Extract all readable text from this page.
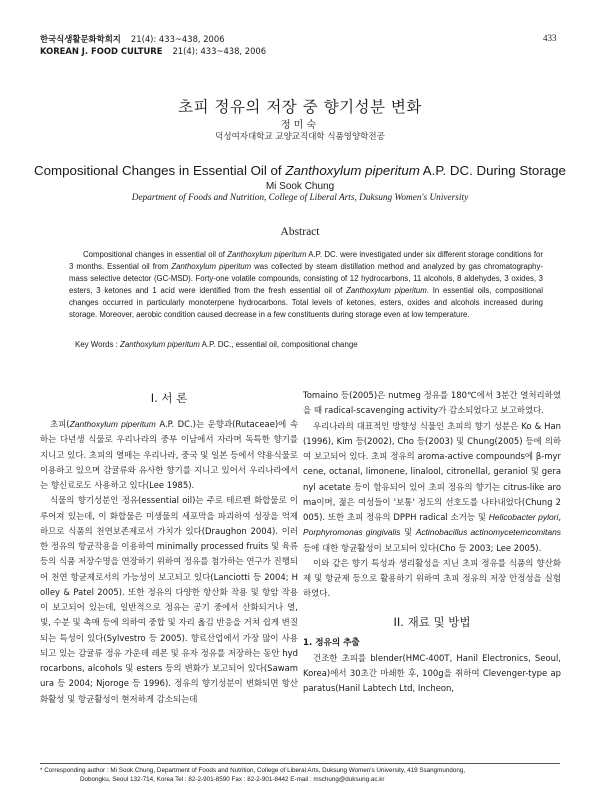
한국식생활문화학회지 21(4): 433~438, 2006
KOREAN J. FOOD CULTURE 21(4): 433~438, 2006
433
초피 정유의 저장 중 향기성분 변화
정미숙
덕성여자대학교 교양교직대학 식품영양학전공
Compositional Changes in Essential Oil of Zanthoxylum piperitum A.P. DC. During Storage
Mi Sook Chung
Department of Foods and Nutrition, College of Liberal Arts, Duksung Women's University
Abstract

Compositional changes in essential oil of Zanthoxylum piperitum A.P. DC. were investigated under six different storage conditions for 3 months. Essential oil from Zanthoxylum piperitum was collected by steam distillation method and analyzed by gas chromatography-mass selective detector (GC-MSD). Forty-one volatile compounds, consisting of 12 hydrocarbons, 11 alcohols, 8 aldehydes, 3 oxides, 3 esters, 3 ketones and 1 acid were identified from the fresh essential oil of Zanthoxylum piperitum. In essential oils, compositional changes occurred in particularly monoterpene hydrocarbons. Total levels of ketones, esters, oxides and alcohols increased during storage. Moreover, aerobic condition caused decrease in a few constituents during storage even at low temperature.

Key Words : Zanthoxylum piperitum A.P. DC., essential oil, compositional change
I. 서 론

초피(Zanthoxylum piperitum A.P. DC.)는 운향과(Rutaceae)에 속하는 다년생 식물로 우리나라의 중부 이남에서 자라며 독특한 향기를 지니고 있다. 초피의 열매는 우리나라, 중국 및 일본 등에서 약용식물로 이용하고 있으며 감귤류와 유사한 향기를 지니고 있어서 우리나라에서는 향신료로도 사용하고 있다(Lee 1985).

식물의 향기성분인 정유(essential oil)는 주로 테르펜 화합물로 이루어져 있는데, 이 화합물은 미생물의 세포막을 파괴하여 성장을 억제하므로 식품의 천연보존제로서 가치가 있다(Draughon 2004). 이러한 정유의 항균작용을 이용하여 minimally processed fruits 및 육류 등의 식품 저장수명을 연장하기 위하여 정유를 첨가하는 연구가 진행되어 천연 항균제로서의 가능성이 보고되고 있다(Lanciotti 등 2004; Holley & Patel 2005). 또한 정유의 다양한 항산화 작용 및 항암 작용이 보고되어 있는데, 일반적으로 정유는 공기 중에서 산화되거나 열, 빛, 수분 및 촉매 등에 의하여 중합 및 자리 옮김 반응을 거쳐 쉽게 변질되는 특성이 있다(Sylvestro 등 2005). 향료산업에서 가장 많이 사용되고 있는 감귤류 정유 가운데 레몬 및 유자 정유를 저장하는 동안 hydrocarbons, alcohols 및 esters 등의 변화가 보고되어 있다(Sawamura 등 2004; Njoroge 등 1996). 정유의 향기성분이 변화되면 항산화활성 및 항균활성이 현저하게 감소되는데

Tomaino 등(2005)은 nutmeg 정유를 180℃에서 3분간 열처리하였을 때 radical-scavenging activity가 감소되었다고 보고하였다.

우리나라의 대표적인 방향성 식물인 초피의 향기 성분은 Ko & Han(1996), Kim 등(2002), Cho 등(2003) 및 Chung(2005) 등에 의하여 보고되어 있다. 초피 정유의 aroma-active compounds에 β-myrcene, octanal, limonene, linalool, citronellal, geraniol 및 geranyl acetate 등이 함유되어 있어 초피 정유의 향기는 citrus-like aroma이며, 젊은 여성들이 '보통' 정도의 선호도를 나타내었다(Chung 2005). 또한 초피 정유의 DPPH radical 소거능 및 Helicobacter pylori, Porphyromonas gingivalis 및 Actinobacillus actinomycetemcomitans 등에 대한 항균활성이 보고되어 있다(Cho 등 2003; Lee 2005).

이와 같은 향기 특성과 생리활성을 지닌 초피 정유를 식품의 향산화제 및 항균제 등으로 활용하기 위하여 초피 정유의 저장 안정성을 실험하였다.

II. 재료 및 방법
1. 정유의 추출

건조한 초피를 blender(HMC-400T, Hanil Electronics, Seoul, Korea)에서 30초간 마쇄한 후, 100g을 취하여 Clevenger-type apparatus(Hanil Labtech Ltd, Incheon,

* Corresponding author : Mi Sook Chung, Department of Foods and Nutrition, College of Liberal Arts, Duksung Women's University, 419 Ssangmundong,
Dobongku, Seoul 132-714, Korea Tel : 82-2-901-8590 Fax : 82-2-901-8442 E-mail : mschung@duksung.ac.kr
